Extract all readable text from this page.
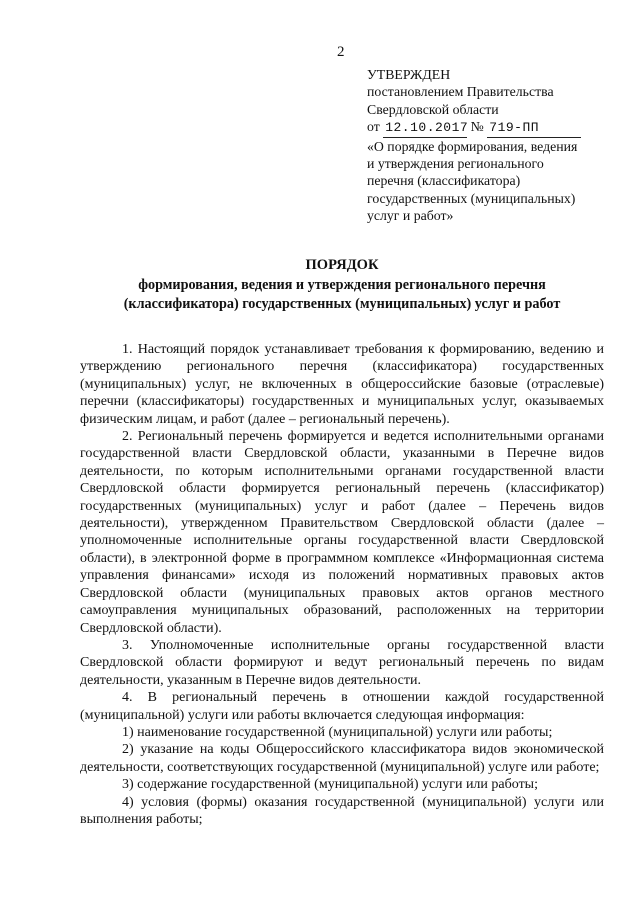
2
УТВЕРЖДЕН
постановлением Правительства
Свердловской области
от 12.10.2017 № 719-ПП
«О порядке формирования, ведения
и утверждения регионального
перечня (классификатора)
государственных (муниципальных)
услуг и работ»
ПОРЯДОК
формирования, ведения и утверждения регионального перечня
(классификатора) государственных (муниципальных) услуг и работ

1. Настоящий порядок устанавливает требования к формированию, ведению и утверждению регионального перечня (классификатора) государственных (муниципальных) услуг, не включенных в общероссийские базовые (отраслевые) перечни (классификаторы) государственных и муниципальных услуг, оказываемых физическим лицам, и работ (далее – региональный перечень).

2. Региональный перечень формируется и ведется исполнительными органами государственной власти Свердловской области, указанными в Перечне видов деятельности, по которым исполнительными органами государственной власти Свердловской области формируется региональный перечень (классификатор) государственных (муниципальных) услуг и работ (далее – Перечень видов деятельности), утвержденном Правительством Свердловской области (далее – уполномоченные исполнительные органы государственной власти Свердловской области), в электронной форме в программном комплексе «Информационная система управления финансами» исходя из положений нормативных правовых актов Свердловской области (муниципальных правовых актов органов местного самоуправления муниципальных образований, расположенных на территории Свердловской области).

3. Уполномоченные исполнительные органы государственной власти Свердловской области формируют и ведут региональный перечень по видам деятельности, указанным в Перечне видов деятельности.

4. В региональный перечень в отношении каждой государственной (муниципальной) услуги или работы включается следующая информация:

1) наименование государственной (муниципальной) услуги или работы;

2) указание на коды Общероссийского классификатора видов экономической деятельности, соответствующих государственной (муниципальной) услуге или работе;

3) содержание государственной (муниципальной) услуги или работы;

4) условия (формы) оказания государственной (муниципальной) услуги или выполнения работы;
